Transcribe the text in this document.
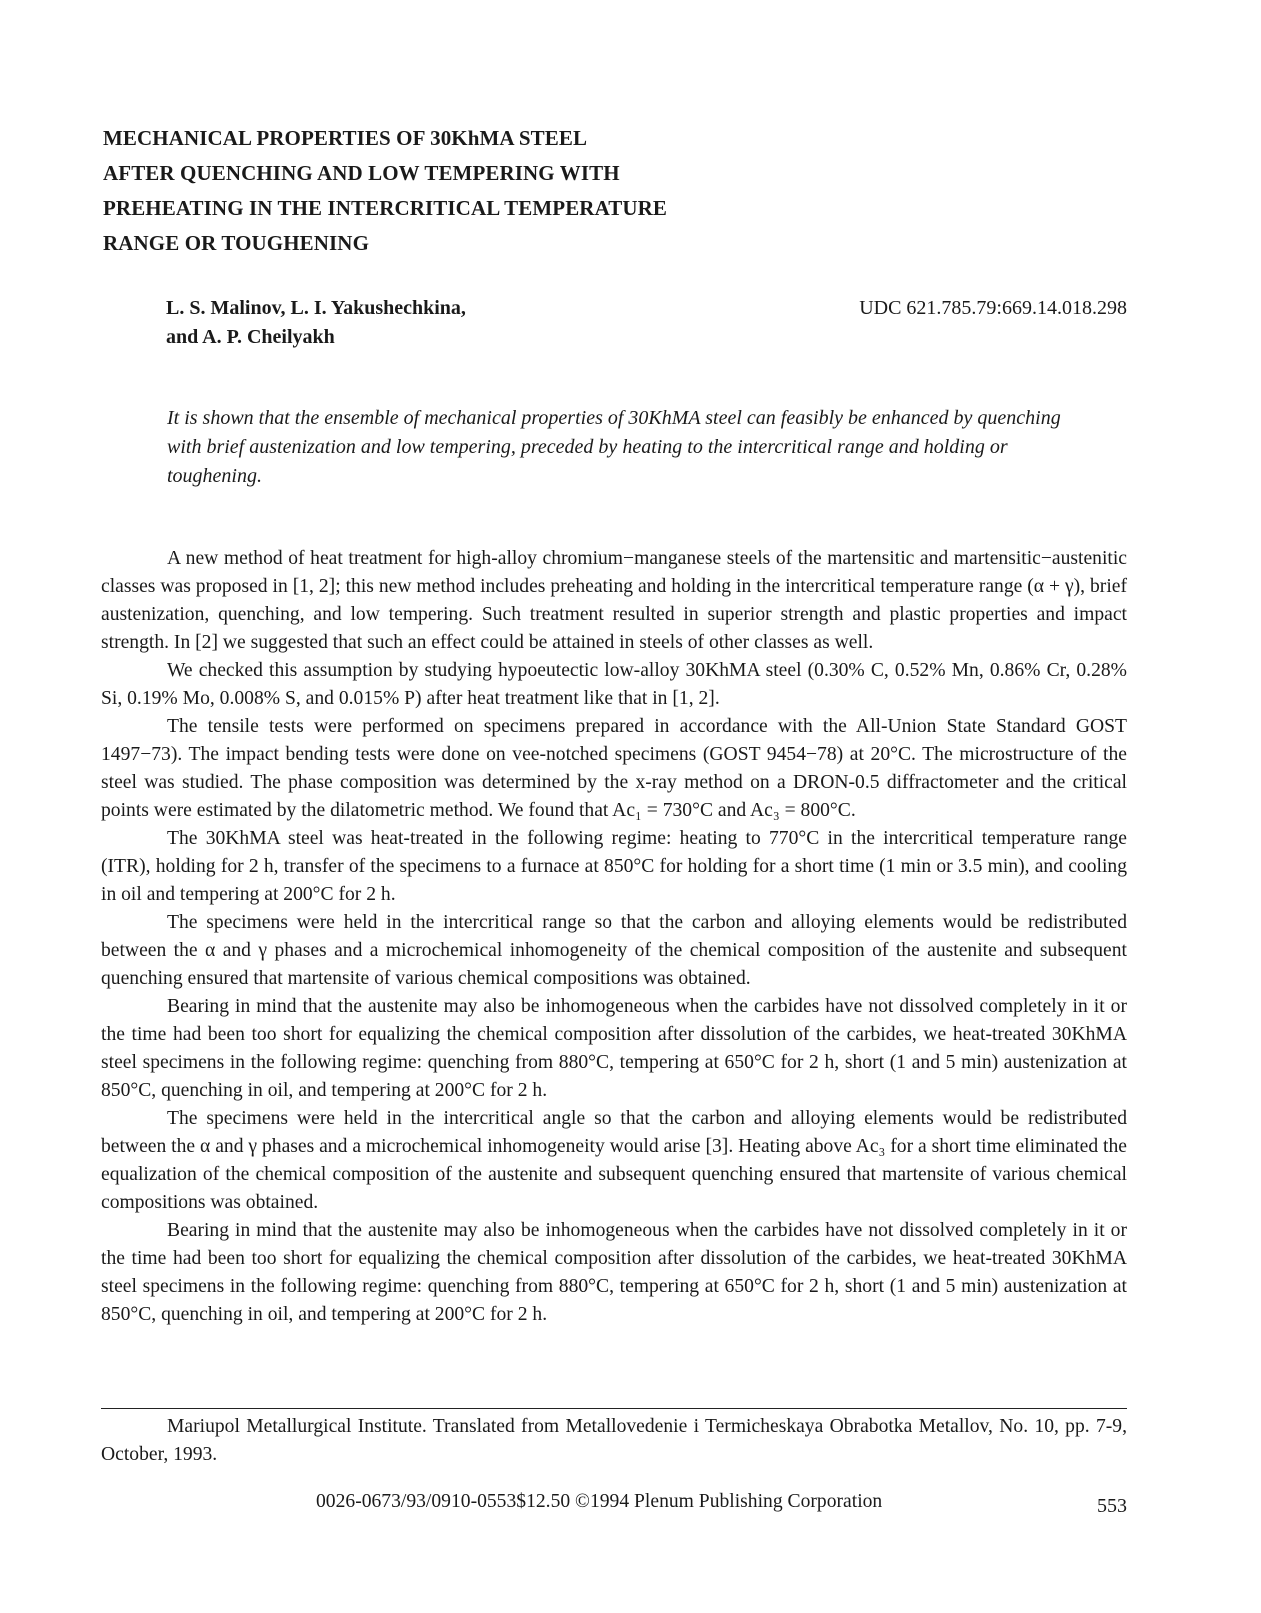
MECHANICAL PROPERTIES OF 30KhMA STEEL
AFTER QUENCHING AND LOW TEMPERING WITH
PREHEATING IN THE INTERCRITICAL TEMPERATURE
RANGE OR TOUGHENING
L. S. Malinov, L. I. Yakushechkina,
and A. P. Cheilyakh
UDC 621.785.79:669.14.018.298
It is shown that the ensemble of mechanical properties of 30KhMA steel can feasibly be enhanced by quenching with brief austenization and low tempering, preceded by heating to the intercritical range and holding or toughening.

A new method of heat treatment for high-alloy chromium−manganese steels of the martensitic and martensitic−austenitic classes was proposed in [1, 2]; this new method includes preheating and holding in the intercritical temperature range (α + γ), brief austenization, quenching, and low tempering. Such treatment resulted in superior strength and plastic properties and impact strength. In [2] we suggested that such an effect could be attained in steels of other classes as well.

We checked this assumption by studying hypoeutectic low-alloy 30KhMA steel (0.30% C, 0.52% Mn, 0.86% Cr, 0.28% Si, 0.19% Mo, 0.008% S, and 0.015% P) after heat treatment like that in [1, 2].

The tensile tests were performed on specimens prepared in accordance with the All-Union State Standard GOST 1497−73). The impact bending tests were done on vee-notched specimens (GOST 9454−78) at 20°C. The microstructure of the steel was studied. The phase composition was determined by the x-ray method on a DRON-0.5 diffractometer and the critical points were estimated by the dilatometric method. We found that Ac₁ = 730°C and Ac₃ = 800°C.

The 30KhMA steel was heat-treated in the following regime: heating to 770°C in the intercritical temperature range (ITR), holding for 2 h, transfer of the specimens to a furnace at 850°C for holding for a short time (1 min or 3.5 min), and cooling in oil and tempering at 200°C for 2 h.

The specimens were held in the intercritical range so that the carbon and alloying elements would be redistributed between the α and γ phases and a microchemical inhomogeneity of the chemical composition of the austenite and subsequent quenching ensured that martensite of various chemical compositions was obtained.

Bearing in mind that the austenite may also be inhomogeneous when the carbides have not dissolved completely in it or the time had been too short for equalizing the chemical composition after dissolution of the carbides, we heat-treated 30KhMA steel specimens in the following regime: quenching from 880°C, tempering at 650°C for 2 h, short (1 and 5 min) austenization at 850°C, quenching in oil, and tempering at 200°C for 2 h.

The specimens were held in the intercritical angle so that the carbon and alloying elements would be redistributed between the α and γ phases and a microchemical inhomogeneity would arise [3]. Heating above Ac₃ for a short time eliminated the equalization of the chemical composition of the austenite and subsequent quenching ensured that martensite of various chemical compositions was obtained.

Bearing in mind that the austenite may also be inhomogeneous when the carbides have not dissolved completely in it or the time had been too short for equalizing the chemical composition after dissolution of the carbides, we heat-treated 30KhMA steel specimens in the following regime: quenching from 880°C, tempering at 650°C for 2 h, short (1 and 5 min) austenization at 850°C, quenching in oil, and tempering at 200°C for 2 h.

Mariupol Metallurgical Institute. Translated from Metallovedenie i Termicheskaya Obrabotka Metallov, No. 10, pp. 7-9, October, 1993.

0026-0673/93/0910-0553$12.50 ©1994 Plenum Publishing Corporation	553
